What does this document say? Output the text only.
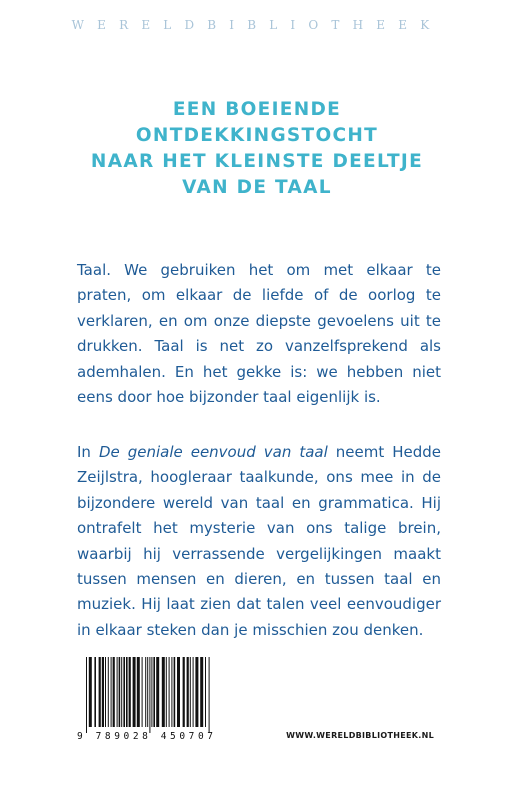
WERELDBIBLIOTHEEK
EEN BOEIENDE
ONTDEKKINGSTOCHT
NAAR HET KLEINSTE DEELTJE
VAN DE TAAL

Taal. We gebruiken het om met elkaar te praten, om elkaar de liefde of de oorlog te verklaren, en om onze diepste gevoelens uit te drukken. Taal is net zo vanzelfsprekend als ademhalen. En het gekke is: we hebben niet eens door hoe bijzonder taal eigenlijk is.

In De geniale eenvoud van taal neemt Hedde Zeijlstra, hoogleraar taalkunde, ons mee in de bijzondere wereld van taal en grammatica. Hij ontrafelt het mysterie van ons talige brein, waarbij hij verrassende vergelijkingen maakt tussen mensen en dieren, en tussen taal en muziek. Hij laat zien dat talen veel eenvoudiger in elkaar steken dan je misschien zou denken.

9 789028 450707	WWW.WERELDBIBLIOTHEEK.NL
